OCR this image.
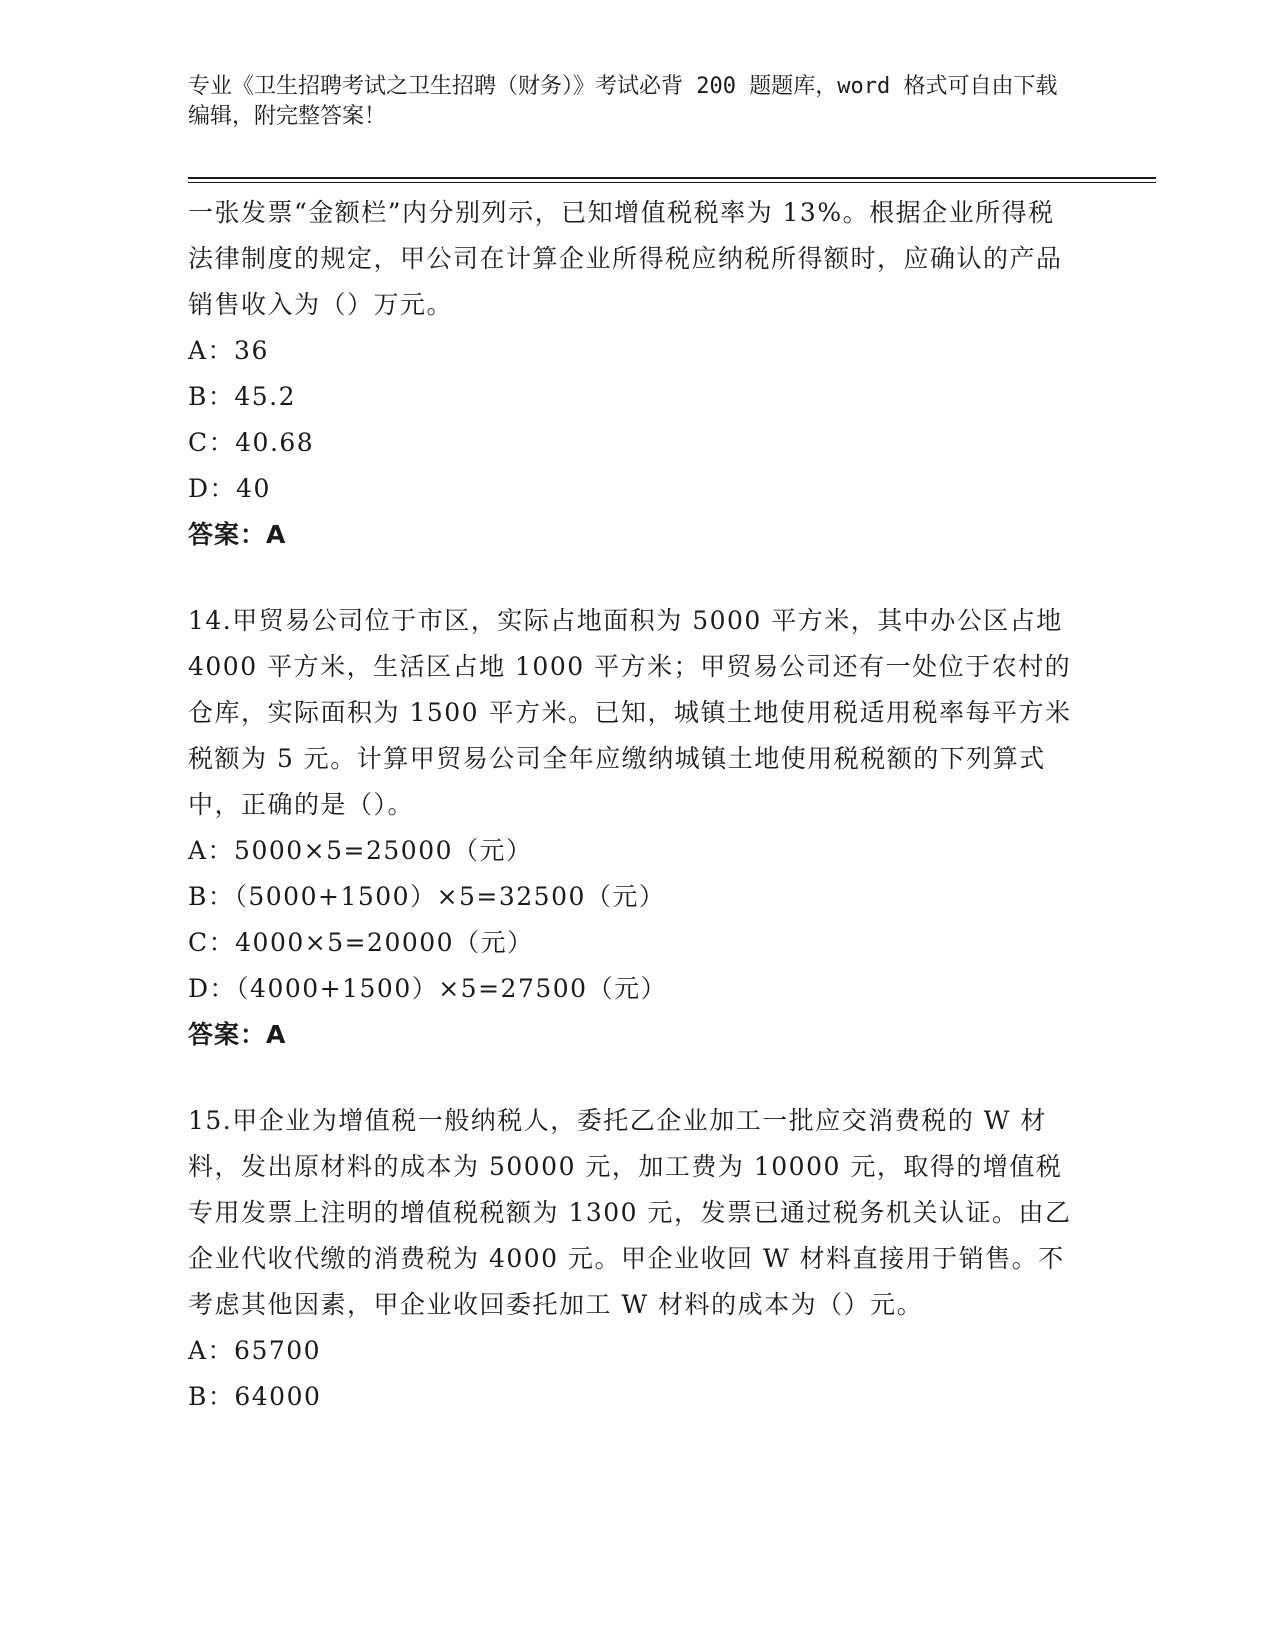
专业《卫生招聘考试之卫生招聘（财务）》考试必背 200 题题库，word 格式可自由下载编辑，附完整答案！

一张发票“金额栏”内分别列示，已知增值税税率为 13%。根据企业所得税法律制度的规定，甲公司在计算企业所得税应纳税所得额时，应确认的产品销售收入为（）万元。

A：36

B：45.2

C：40.68

D：40

答案：A

14.甲贸易公司位于市区，实际占地面积为 5000 平方米，其中办公区占地 4000 平方米，生活区占地 1000 平方米；甲贸易公司还有一处位于农村的仓库，实际面积为 1500 平方米。已知，城镇土地使用税适用税率每平方米税额为 5 元。计算甲贸易公司全年应缴纳城镇土地使用税税额的下列算式中，正确的是（）。

A：5000×5=25000（元）

B：（5000+1500）×5=32500（元）

C：4000×5=20000（元）

D：（4000+1500）×5=27500（元）

答案：A

15.甲企业为增值税一般纳税人，委托乙企业加工一批应交消费税的 W 材料，发出原材料的成本为 50000 元，加工费为 10000 元，取得的增值税专用发票上注明的增值税税额为 1300 元，发票已通过税务机关认证。由乙企业代收代缴的消费税为 4000 元。甲企业收回 W 材料直接用于销售。不考虑其他因素，甲企业收回委托加工 W 材料的成本为（）元。

A：65700

B：64000
